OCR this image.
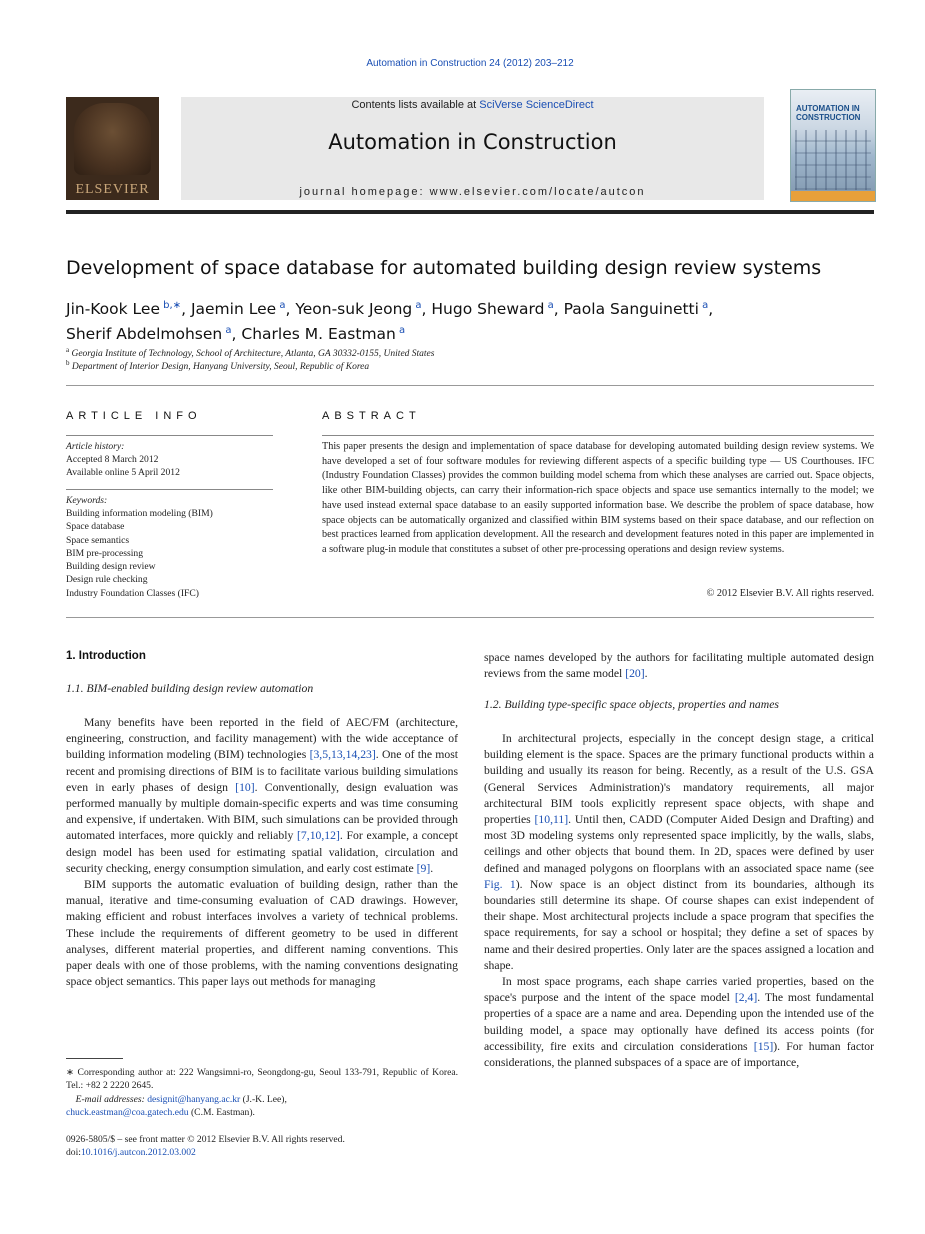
Automation in Construction 24 (2012) 203–212
ELSEVIER
Contents lists available at SciVerse ScienceDirect
Automation in Construction
journal homepage: www.elsevier.com/locate/autcon
AUTOMATION IN CONSTRUCTION
Development of space database for automated building design review systems
Jin-Kook Lee $^{b,∗}$, Jaemin Lee $^a$, Yeon-suk Jeong $^a$, Hugo Sheward $^a$, Paola Sanguinetti $^a$,
Sherif Abdelmohsen $^a$, Charles M. Eastman $^a$
$^a$ Georgia Institute of Technology, School of Architecture, Atlanta, GA 30332-0155, United States
$^b$ Department of Interior Design, Hanyang University, Seoul, Republic of Korea
ARTICLE INFO
Article history:
Accepted 8 March 2012
Available online 5 April 2012
Keywords:
Building information modeling (BIM)
Space database
Space semantics
BIM pre-processing
Building design review
Design rule checking
Industry Foundation Classes (IFC)
ABSTRACT
This paper presents the design and implementation of space database for developing automated building design review systems. We have developed a set of four software modules for reviewing different aspects of a specific building type — US Courthouses. IFC (Industry Foundation Classes) provides the common building model schema from which these analyses are carried out. Space objects, like other BIM-building objects, can carry their information-rich space objects and space use semantics internally to the model; we have used instead external space database to an easily supported information base. We describe the problem of space database, how space objects can be automatically organized and classified within BIM systems based on their space database, and our reflection on best practices learned from application development. All the research and development features noted in this paper are implemented in a software plug-in module that constitutes a subset of other pre-processing operations and design review systems.
© 2012 Elsevier B.V. All rights reserved.
1. Introduction
1.1. BIM-enabled building design review automation

Many benefits have been reported in the field of AEC/FM (architecture, engineering, construction, and facility management) with the wide acceptance of building information modeling (BIM) technologies [3,5,13,14,23]. One of the most recent and promising directions of BIM is to facilitate various building simulations even in early phases of design [10]. Conventionally, design evaluation was performed manually by multiple domain-specific experts and was time consuming and expensive, if undertaken. With BIM, such simulations can be provided through automated interfaces, more quickly and reliably [7,10,12]. For example, a concept design model has been used for estimating spatial validation, circulation and security checking, energy consumption simulation, and early cost estimate [9].

BIM supports the automatic evaluation of building design, rather than the manual, iterative and time-consuming evaluation of CAD drawings. However, making efficient and robust interfaces involves a variety of technical problems. These include the requirements of different geometry to be used in different analyses, different material properties, and different naming conventions. This paper deals with one of those problems, with the naming conventions designating space object semantics. This paper lays out methods for managing

space names developed by the authors for facilitating multiple automated design reviews from the same model [20].

1.2. Building type-specific space objects, properties and names

In architectural projects, especially in the concept design stage, a critical building element is the space. Spaces are the primary functional products within a building and usually its reason for being. Recently, as a result of the U.S. GSA (General Services Administration)'s mandatory requirements, all major architectural BIM tools explicitly represent space objects, with shape and properties [10,11]. Until then, CADD (Computer Aided Design and Drafting) and most 3D modeling systems only represented space implicitly, by the walls, slabs, ceilings and other objects that bound them. In 2D, spaces were defined by user defined and managed polygons on floorplans with an associated space name (see Fig. 1). Now space is an object distinct from its boundaries, although its boundaries still determine its shape. Of course shapes can exist independent of their shape. Most architectural projects include a space program that specifies the space requirements, for say a school or hospital; they define a set of spaces by name and their desired properties. Only later are the spaces assigned a location and shape.

In most space programs, each shape carries varied properties, based on the space's purpose and the intent of the space model [2,4]. The most fundamental properties of a space are a name and area. Depending upon the intended use of the building model, a space may optionally have defined its access points (for accessibility, fire exits and circulation considerations [15]). For human factor considerations, the planned subspaces of a space are of importance,

∗ Corresponding author at: 222 Wangsimni-ro, Seongdong-gu, Seoul 133-791, Republic of Korea. Tel.: +82 2 2220 2645.
E-mail addresses: designit@hanyang.ac.kr (J.-K. Lee),
chuck.eastman@coa.gatech.edu (C.M. Eastman).
0926-5805/$ – see front matter © 2012 Elsevier B.V. All rights reserved.
doi:10.1016/j.autcon.2012.03.002
